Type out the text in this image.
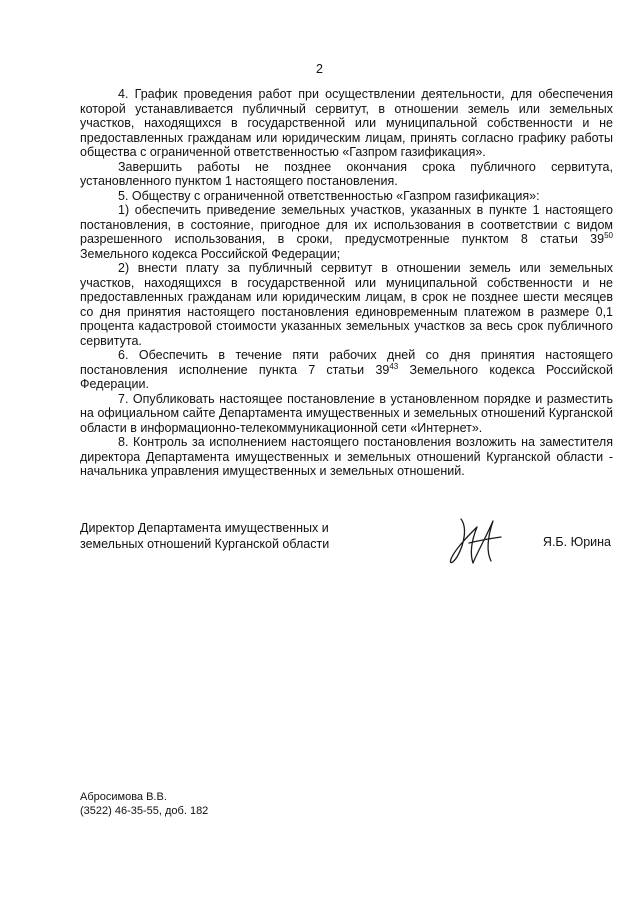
2

4. График проведения работ при осуществлении деятельности, для обеспечения которой устанавливается публичный сервитут, в отношении земель или земельных участков, находящихся в государственной или муниципальной собственности и не предоставленных гражданам или юридическим лицам, принять согласно графику работы общества с ограниченной ответственностью «Газпром газификация».

Завершить работы не позднее окончания срока публичного сервитута, установленного пунктом 1 настоящего постановления.

5. Обществу с ограниченной ответственностью «Газпром газификация»:

1) обеспечить приведение земельных участков, указанных в пункте 1 настоящего постановления, в состояние, пригодное для их использования в соответствии с видом разрешенного использования, в сроки, предусмотренные пунктом 8 статьи $39^{50}$ Земельного кодекса Российской Федерации;

2) внести плату за публичный сервитут в отношении земель или земельных участков, находящихся в государственной или муниципальной собственности и не предоставленных гражданам или юридическим лицам, в срок не позднее шести месяцев со дня принятия настоящего постановления единовременным платежом в размере 0,1 процента кадастровой стоимости указанных земельных участков за весь срок публичного сервитута.

6. Обеспечить в течение пяти рабочих дней со дня принятия настоящего постановления исполнение пункта 7 статьи $39^{43}$ Земельного кодекса Российской Федерации.

7. Опубликовать настоящее постановление в установленном порядке и разместить на официальном сайте Департамента имущественных и земельных отношений Курганской области в информационно-телекоммуникационной сети «Интернет».

8. Контроль за исполнением настоящего постановления возложить на заместителя директора Департамента имущественных и земельных отношений Курганской области - начальника управления имущественных и земельных отношений.

Директор Департамента имущественных и
земельных отношений Курганской области	Я.Б. Юрина
Абросимова В.В.
(3522) 46-35-55, доб. 182
